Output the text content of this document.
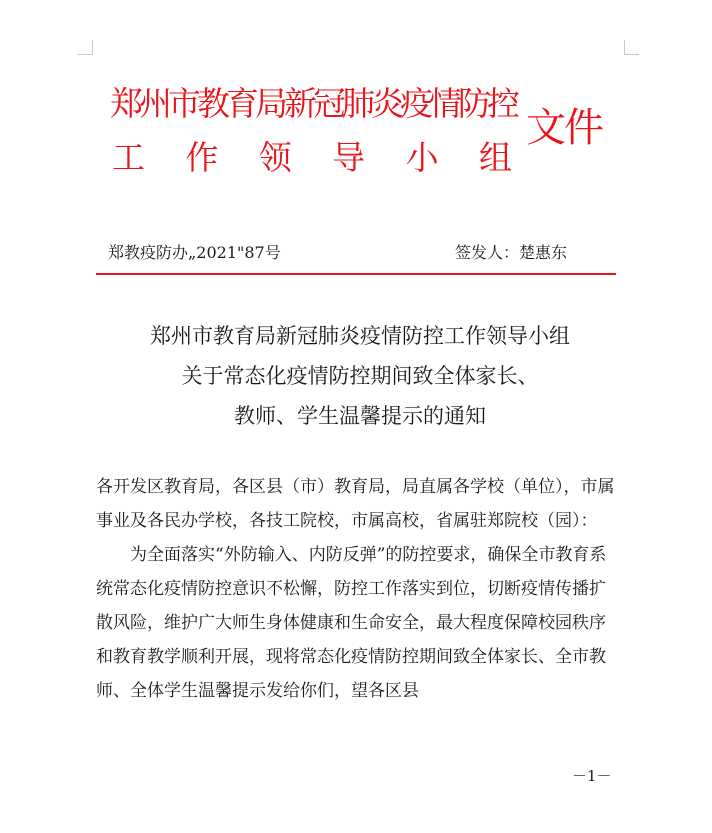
郑州市教育局新冠肺炎疫情防控
工 作 领 导 小 组
文件
郑教疫防办„2021"87号	签发人：楚惠东
郑州市教育局新冠肺炎疫情防控工作领导小组
关于常态化疫情防控期间致全体家长、
教师、学生温馨提示的通知

各开发区教育局，各区县（市）教育局，局直属各学校（单位），市属事业及各民办学校，各技工院校，市属高校，省属驻郑院校（园）：

为全面落实“外防输入、内防反弹”的防控要求，确保全市教育系统常态化疫情防控意识不松懈，防控工作落实到位，切断疫情传播扩散风险，维护广大师生身体健康和生命安全，最大程度保障校园秩序和教育教学顺利开展，现将常态化疫情防控期间致全体家长、全市教师、全体学生温馨提示发给你们，望各区县

－1－
